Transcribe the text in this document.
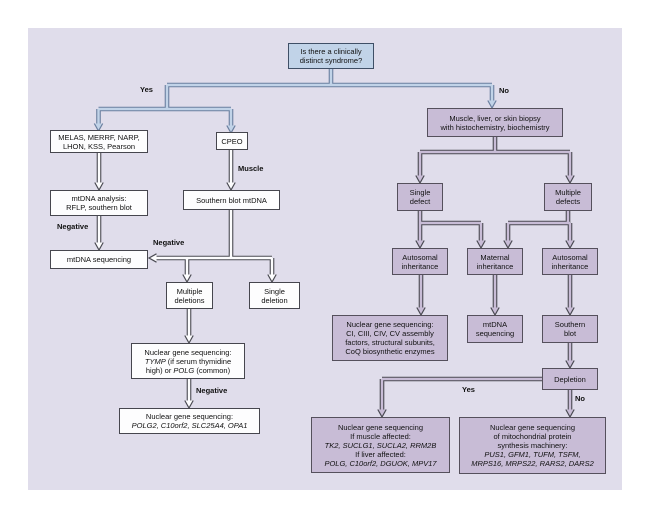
Is there a clinically
distinct syndrome?
MELAS, MERRF, NARP,
LHON, KSS, Pearson
CPEO
mtDNA analysis:
RFLP, southern blot
Southern blot mtDNA
mtDNA sequencing
Multiple
deletions
Single
deletion
Nuclear gene sequencing:
TYMP (if serum thymidine
high) or POLG (common)
Nuclear gene sequencing:
POLG2, C10orf2, SLC25A4, OPA1
Muscle, liver, or skin biopsy
with histochemistry, biochemistry
Single
defect
Multiple
defects
Autosomal
inheritance
Maternal
inheritance
Autosomal
inheritance
Nuclear gene sequencing:
CI, CIII, CIV, CV assembly
factors, structural subunits,
CoQ biosynthetic enzymes
mtDNA
sequencing
Southern
blot
Depletion
Nuclear gene sequencing
If muscle affected:
TK2, SUCLG1, SUCLA2, RRM2B
If liver affected:
POLG, C10orf2, DGUOK, MPV17
Nuclear gene sequencing
of mitochondrial protein
synthesis machinery:
PUS1, GFM1, TUFM, TSFM,
MRPS16, MRPS22, RARS2, DARS2
Yes	No
Muscle
Negative
Negative
Negative	Yes
No
